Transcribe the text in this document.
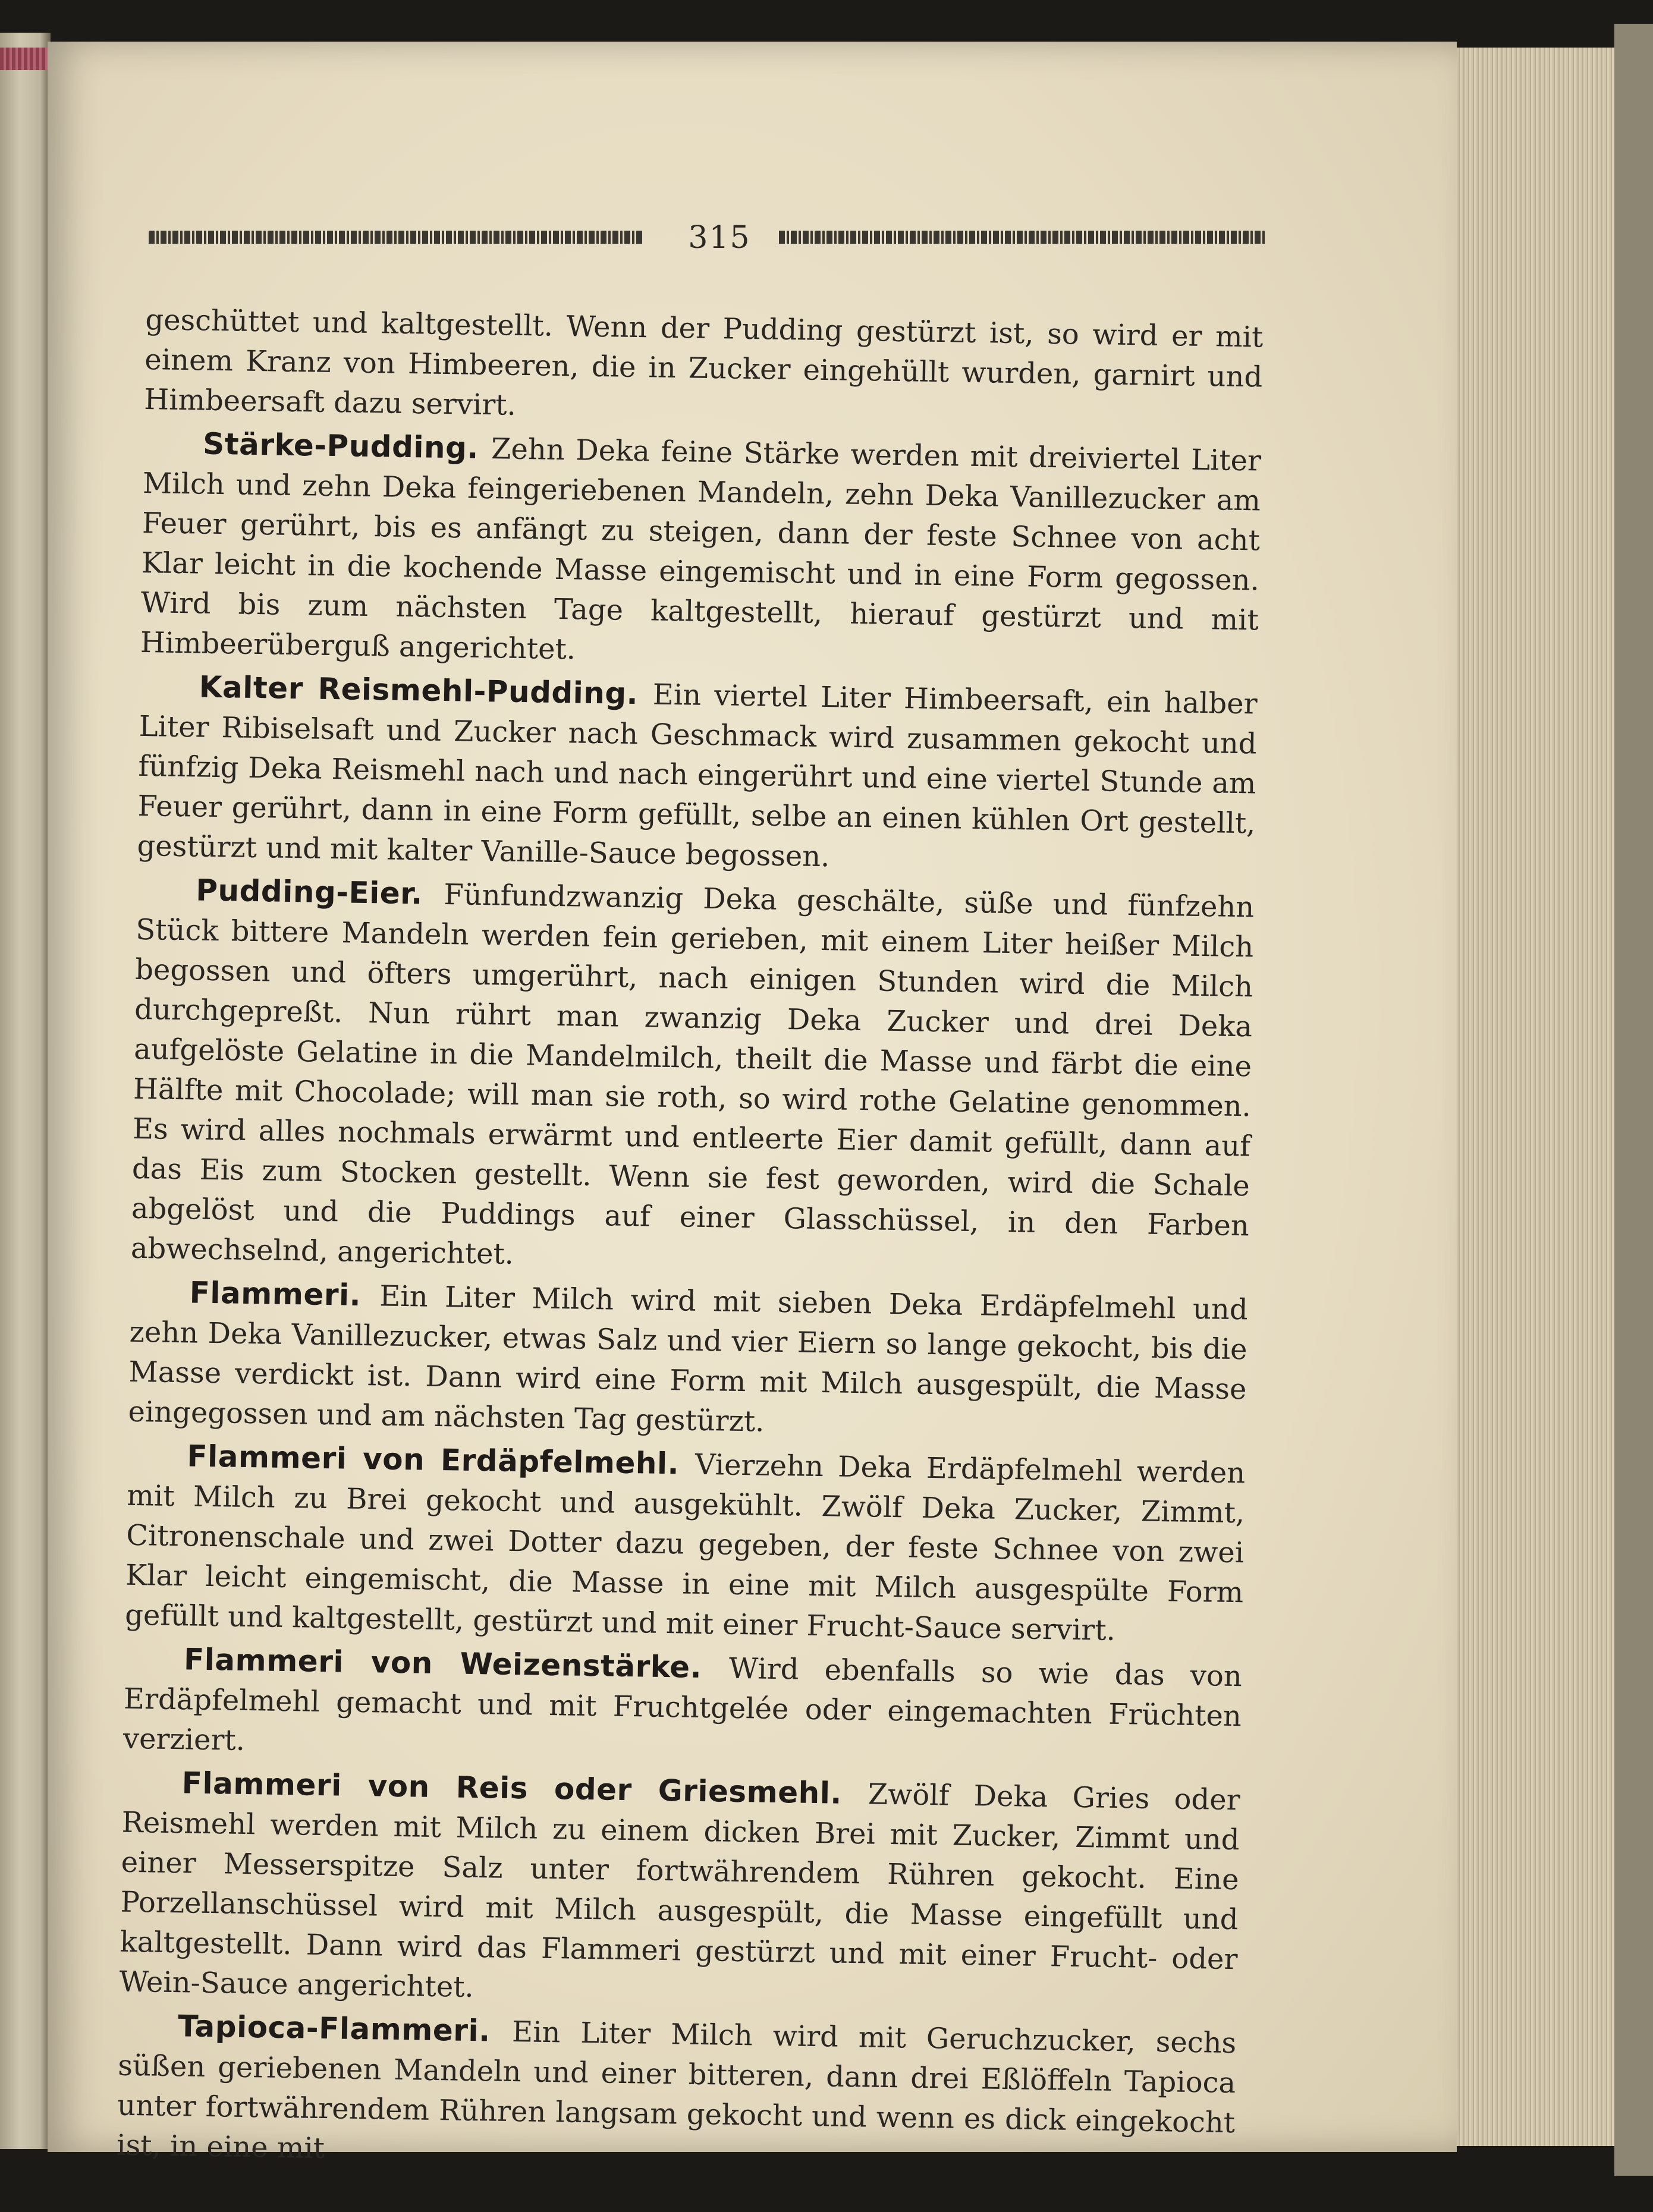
315

geschüttet und kaltgestellt. Wenn der Pudding gestürzt ist, so wird er mit einem Kranz von Himbeeren, die in Zucker eingehüllt wurden, garnirt und Himbeersaft dazu servirt.

Stärke-Pudding. Zehn Deka feine Stärke werden mit dreiviertel Liter Milch und zehn Deka feingeriebenen Mandeln, zehn Deka Vanillezucker am Feuer gerührt, bis es anfängt zu steigen, dann der feste Schnee von acht Klar leicht in die kochende Masse eingemischt und in eine Form gegossen. Wird bis zum nächsten Tage kaltgestellt, hierauf gestürzt und mit Himbeerüberguß angerichtet.

Kalter Reismehl-Pudding. Ein viertel Liter Himbeersaft, ein halber Liter Ribiselsaft und Zucker nach Geschmack wird zusammen gekocht und fünfzig Deka Reismehl nach und nach eingerührt und eine viertel Stunde am Feuer gerührt, dann in eine Form gefüllt, selbe an einen kühlen Ort gestellt, gestürzt und mit kalter Vanille-Sauce begossen.

Pudding-Eier. Fünfundzwanzig Deka geschälte, süße und fünfzehn Stück bittere Mandeln werden fein gerieben, mit einem Liter heißer Milch begossen und öfters umgerührt, nach einigen Stunden wird die Milch durchgepreßt. Nun rührt man zwanzig Deka Zucker und drei Deka aufgelöste Gelatine in die Mandelmilch, theilt die Masse und färbt die eine Hälfte mit Chocolade; will man sie roth, so wird rothe Gelatine genommen. Es wird alles nochmals erwärmt und entleerte Eier damit gefüllt, dann auf das Eis zum Stocken gestellt. Wenn sie fest geworden, wird die Schale abgelöst und die Puddings auf einer Glasschüssel, in den Farben abwechselnd, angerichtet.

Flammeri. Ein Liter Milch wird mit sieben Deka Erdäpfelmehl und zehn Deka Vanillezucker, etwas Salz und vier Eiern so lange gekocht, bis die Masse verdickt ist. Dann wird eine Form mit Milch ausgespült, die Masse eingegossen und am nächsten Tag gestürzt.

Flammeri von Erdäpfelmehl. Vierzehn Deka Erdäpfelmehl werden mit Milch zu Brei gekocht und ausgekühlt. Zwölf Deka Zucker, Zimmt, Citronenschale und zwei Dotter dazu gegeben, der feste Schnee von zwei Klar leicht eingemischt, die Masse in eine mit Milch ausgespülte Form gefüllt und kaltgestellt, gestürzt und mit einer Frucht-Sauce servirt.

Flammeri von Weizenstärke. Wird ebenfalls so wie das von Erdäpfelmehl gemacht und mit Fruchtgelée oder eingemachten Früchten verziert.

Flammeri von Reis oder Griesmehl. Zwölf Deka Gries oder Reismehl werden mit Milch zu einem dicken Brei mit Zucker, Zimmt und einer Messerspitze Salz unter fortwährendem Rühren gekocht. Eine Porzellanschüssel wird mit Milch ausgespült, die Masse eingefüllt und kaltgestellt. Dann wird das Flammeri gestürzt und mit einer Frucht- oder Wein-Sauce angerichtet.

Tapioca-Flammeri. Ein Liter Milch wird mit Geruchzucker, sechs süßen geriebenen Mandeln und einer bitteren, dann drei Eßlöffeln Tapioca unter fortwährendem Rühren langsam gekocht und wenn es dick eingekocht ist, in eine mit
